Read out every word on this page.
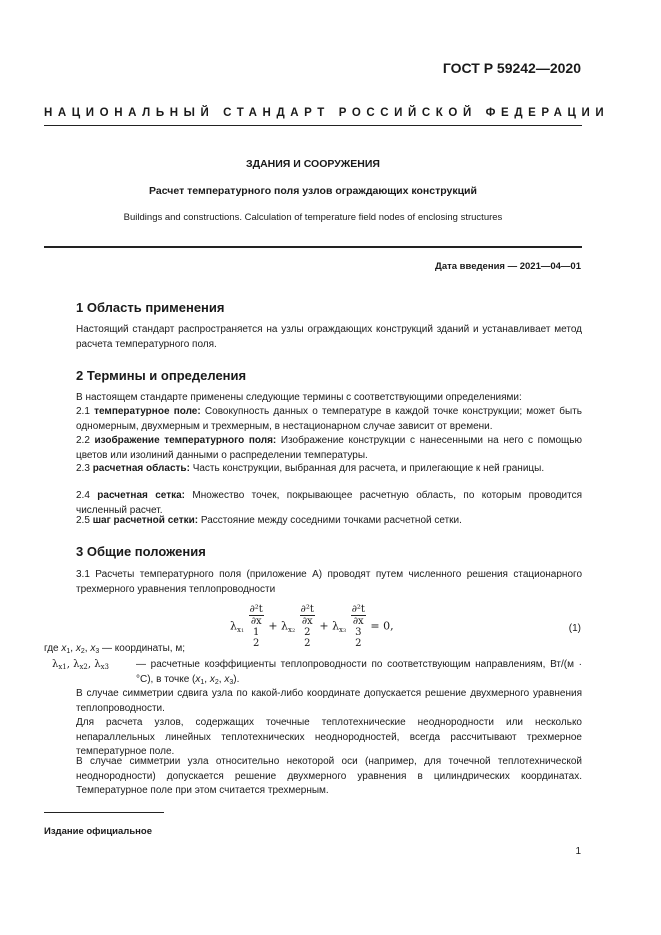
ГОСТ Р 59242—2020
НАЦИОНАЛЬНЫЙ СТАНДАРТ РОССИЙСКОЙ ФЕДЕРАЦИИ
ЗДАНИЯ И СООРУЖЕНИЯ
Расчет температурного поля узлов ограждающих конструкций
Buildings and constructions. Calculation of temperature field nodes of enclosing structures
Дата введения — 2021—04—01
1 Область применения
Настоящий стандарт распространяется на узлы ограждающих конструкций зданий и устанавливает метод расчета температурного поля.
2 Термины и определения
В настоящем стандарте применены следующие термины с соответствующими определениями:
2.1 температурное поле: Совокупность данных о температуре в каждой точке конструкции; может быть одномерным, двухмерным и трехмерным, в нестационарном случае зависит от времени.
2.2 изображение температурного поля: Изображение конструкции с нанесенными на него с помощью цветов или изолиний данными о распределении температуры.
2.3 расчетная область: Часть конструкции, выбранная для расчета, и прилегающие к ней границы.
2.4 расчетная сетка: Множество точек, покрывающее расчетную область, по которым проводится численный расчет.
2.5 шаг расчетной сетки: Расстояние между соседними точками расчетной сетки.
3 Общие положения
3.1 Расчеты температурного поля (приложение А) проводят путем численного решения стационарного трехмерного уравнения теплопроводности
$\lambda_{x1}$ ∂²t
∂x
1
$2 + \lambda_{x2}$ ∂²t
∂x
2
$2 + \lambda_{x3}$ ∂²t
∂x
3
2 = 0,	(1)
где $x_1$, $x_2$, $x_3$ — координаты, м;
$\lambda_{x1}$, $\lambda_{x2}$, $\lambda_{x3}$	— расчетные коэффициенты теплопроводности по соответствующим направлениям, Вт/(м · °С), в точке ($x_1$, $x_2$, $x_3$).
В случае симметрии сдвига узла по какой-либо координате допускается решение двухмерного уравнения теплопроводности.
Для расчета узлов, содержащих точечные теплотехнические неоднородности или несколько непараллельных линейных теплотехнических неоднородностей, всегда рассчитывают трехмерное температурное поле.
В случае симметрии узла относительно некоторой оси (например, для точечной теплотехнической неоднородности) допускается решение двухмерного уравнения в цилиндрических координатах. Температурное поле при этом считается трехмерным.
Издание официальное
1
